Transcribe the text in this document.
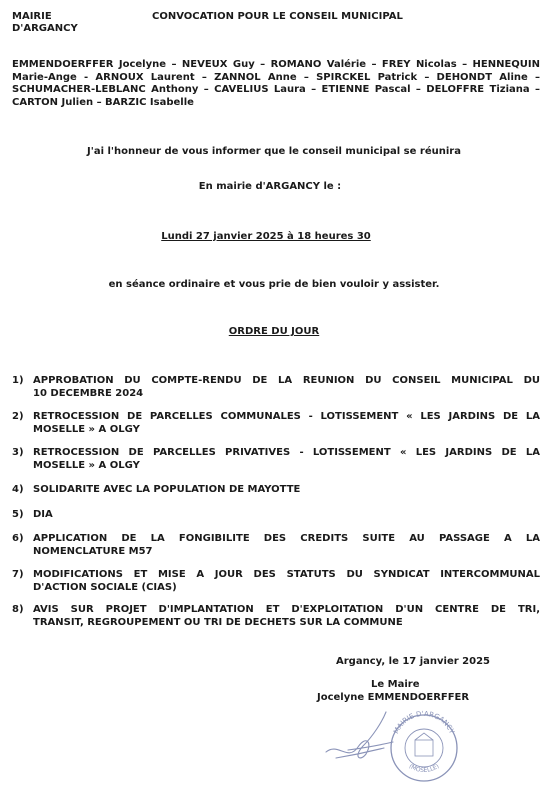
MAIRIE
D'ARGANCY
CONVOCATION POUR LE CONSEIL MUNICIPAL
EMMENDOERFFER Jocelyne – NEVEUX Guy – ROMANO Valérie – FREY Nicolas – HENNEQUIN
Marie-Ange - ARNOUX Laurent – ZANNOL Anne – SPIRCKEL Patrick – DEHONDT Aline –
SCHUMACHER-LEBLANC Anthony – CAVELIUS Laura – ETIENNE Pascal – DELOFFRE Tiziana –
CARTON Julien – BARZIC Isabelle
J'ai l'honneur de vous informer que le conseil municipal se réunira
En mairie d'ARGANCY le :
Lundi 27 janvier 2025 à 18 heures 30
en séance ordinaire et vous prie de bien vouloir y assister.
ORDRE DU JOUR
1) APPROBATION DU COMPTE-RENDU DE LA REUNION DU CONSEIL MUNICIPAL DU
10 DECEMBRE 2024
2) RETROCESSION DE PARCELLES COMMUNALES - LOTISSEMENT « LES JARDINS DE LA
MOSELLE » A OLGY
3) RETROCESSION DE PARCELLES PRIVATIVES - LOTISSEMENT « LES JARDINS DE LA
MOSELLE » A OLGY
4) SOLIDARITE AVEC LA POPULATION DE MAYOTTE
5) DIA
6) APPLICATION DE LA FONGIBILITE DES CREDITS SUITE AU PASSAGE A LA
NOMENCLATURE M57
7) MODIFICATIONS ET MISE A JOUR DES STATUTS DU SYNDICAT INTERCOMMUNAL
D'ACTION SOCIALE (CIAS)
8) AVIS SUR PROJET D'IMPLANTATION ET D'EXPLOITATION D'UN CENTRE DE TRI,
TRANSIT, REGROUPEMENT OU TRI DE DECHETS SUR LA COMMUNE
Argancy, le 17 janvier 2025
Le Maire
Jocelyne EMMENDOERFFER
MAIRIE D'ARGANCY
(MOSELLE)
